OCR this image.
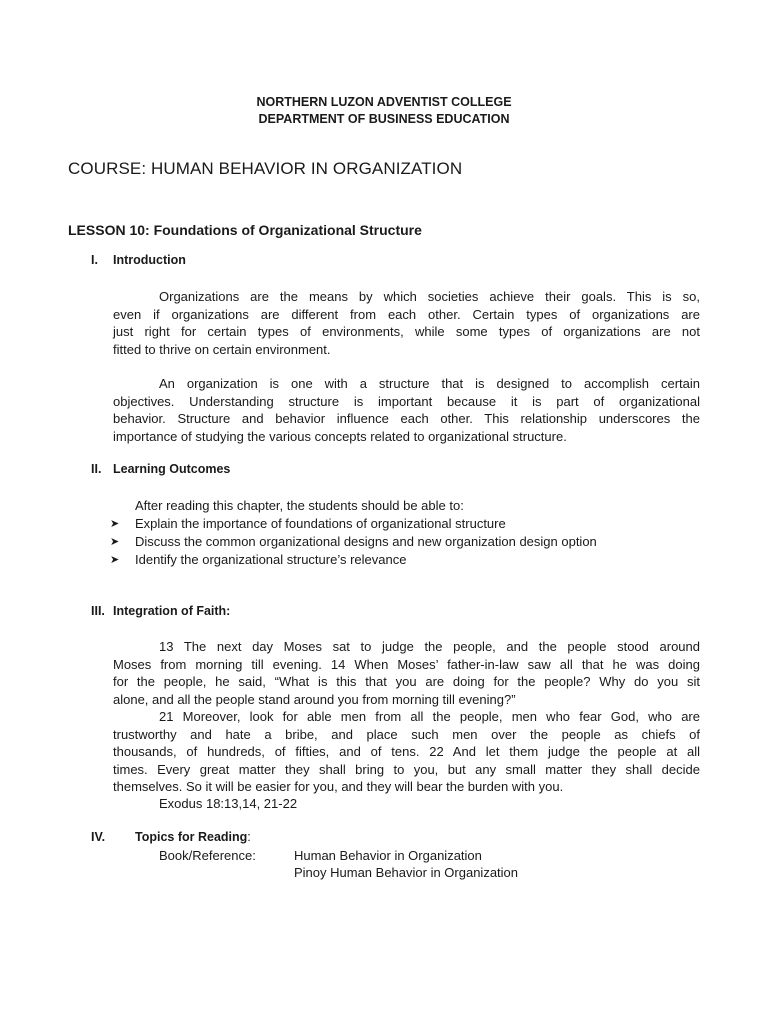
NORTHERN LUZON ADVENTIST COLLEGE
DEPARTMENT OF BUSINESS EDUCATION
COURSE: HUMAN BEHAVIOR IN ORGANIZATION
LESSON 10: Foundations of Organizational Structure
I. Introduction
Organizations are the means by which societies achieve their goals. This is so,
even if organizations are different from each other. Certain types of organizations are
just right for certain types of environments, while some types of organizations are not
fitted to thrive on certain environment.
An organization is one with a structure that is designed to accomplish certain
objectives. Understanding structure is important because it is part of organizational
behavior. Structure and behavior influence each other. This relationship underscores the
importance of studying the various concepts related to organizational structure.
II. Learning Outcomes
After reading this chapter, the students should be able to:
➤ Explain the importance of foundations of organizational structure
➤ Discuss the common organizational designs and new organization design option
➤ Identify the organizational structure’s relevance
III. Integration of Faith:
13 The next day Moses sat to judge the people, and the people stood around
Moses from morning till evening. 14 When Moses’ father-in-law saw all that he was doing
for the people, he said, “What is this that you are doing for the people? Why do you sit
alone, and all the people stand around you from morning till evening?”
21 Moreover, look for able men from all the people, men who fear God, who are
trustworthy and hate a bribe, and place such men over the people as chiefs of
thousands, of hundreds, of fifties, and of tens. 22 And let them judge the people at all
times. Every great matter they shall bring to you, but any small matter they shall decide
themselves. So it will be easier for you, and they will bear the burden with you.
Exodus 18:13,14, 21-22
IV. Topics for Reading:
Book/Reference:	Human Behavior in Organization
Pinoy Human Behavior in Organization
